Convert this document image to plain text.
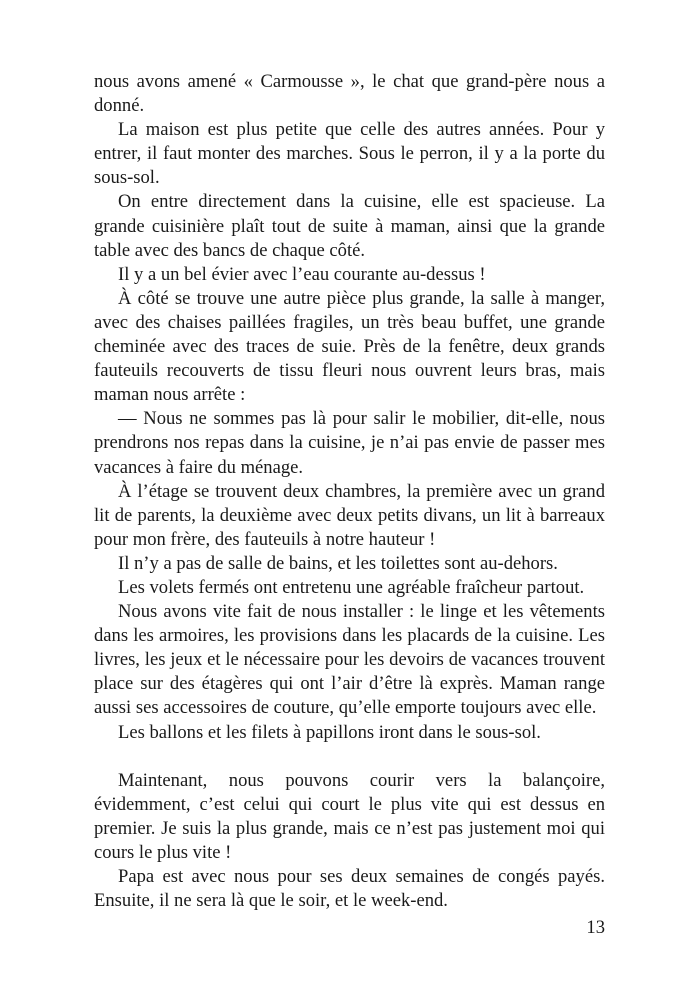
nous avons amené « Carmousse », le chat que grand-père nous a donné.

La maison est plus petite que celle des autres années. Pour y entrer, il faut monter des marches. Sous le perron, il y a la porte du sous-sol.

On entre directement dans la cuisine, elle est spacieuse. La grande cuisinière plaît tout de suite à maman, ainsi que la grande table avec des bancs de chaque côté.

Il y a un bel évier avec l’eau courante au-dessus !

À côté se trouve une autre pièce plus grande, la salle à manger, avec des chaises paillées fragiles, un très beau buffet, une grande cheminée avec des traces de suie. Près de la fenêtre, deux grands fauteuils recouverts de tissu fleuri nous ouvrent leurs bras, mais maman nous arrête :

— Nous ne sommes pas là pour salir le mobilier, dit-elle, nous prendrons nos repas dans la cuisine, je n’ai pas envie de passer mes vacances à faire du ménage.

À l’étage se trouvent deux chambres, la première avec un grand lit de parents, la deuxième avec deux petits divans, un lit à barreaux pour mon frère, des fauteuils à notre hauteur !

Il n’y a pas de salle de bains, et les toilettes sont au-dehors.

Les volets fermés ont entretenu une agréable fraîcheur partout.

Nous avons vite fait de nous installer : le linge et les vêtements dans les armoires, les provisions dans les placards de la cuisine. Les livres, les jeux et le nécessaire pour les devoirs de vacances trouvent place sur des étagères qui ont l’air d’être là exprès. Maman range aussi ses accessoires de couture, qu’elle emporte toujours avec elle.

Les ballons et les filets à papillons iront dans le sous-sol.

Maintenant, nous pouvons courir vers la balançoire, évidemment, c’est celui qui court le plus vite qui est dessus en premier. Je suis la plus grande, mais ce n’est pas justement moi qui cours le plus vite !

Papa est avec nous pour ses deux semaines de congés payés. Ensuite, il ne sera là que le soir, et le week-end.

13
